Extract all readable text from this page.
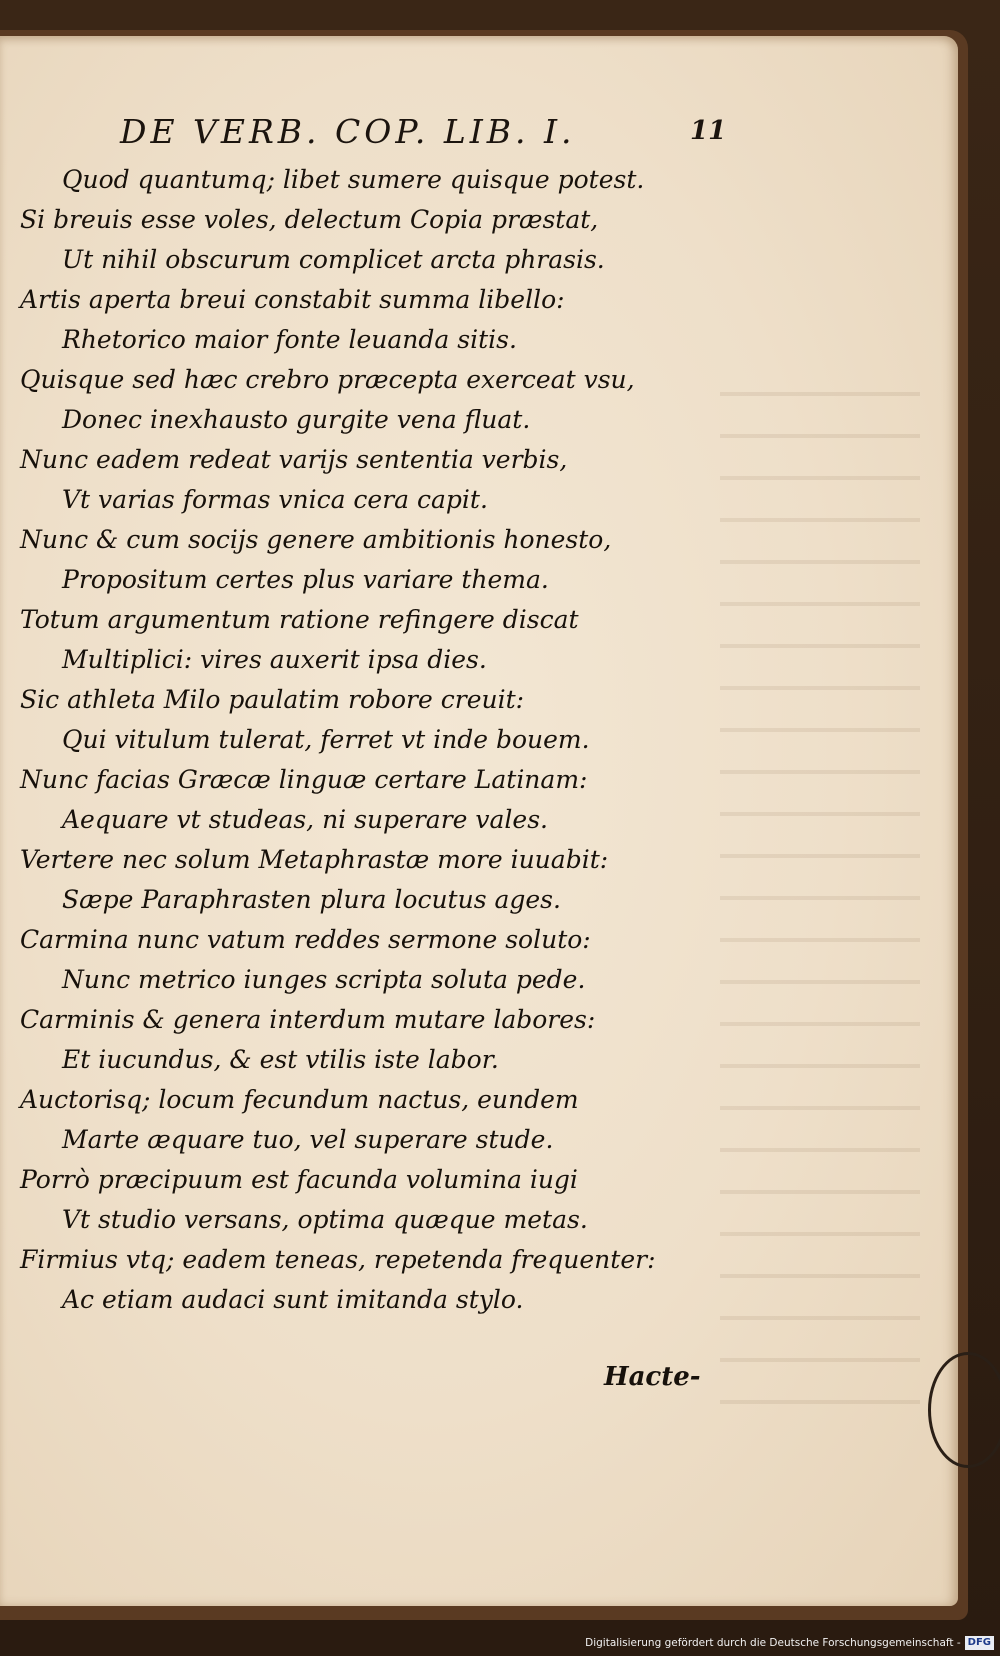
DE VERB. COP. LIB. I.	11
Quod quantumq; libet sumere quisque potest.
Si breuis esse voles, delectum Copia præstat,
Ut nihil obscurum complicet arcta phrasis.
Artis aperta breui constabit summa libello:
Rhetorico maior fonte leuanda sitis.
Quisque sed hæc crebro præcepta exerceat vsu,
Donec inexhausto gurgite vena fluat.
Nunc eadem redeat varijs sententia verbis,
Vt varias formas vnica cera capit.
Nunc & cum socijs genere ambitionis honesto,
Propositum certes plus variare thema.
Totum argumentum ratione refingere discat
Multiplici: vires auxerit ipsa dies.
Sic athleta Milo paulatim robore creuit:
Qui vitulum tulerat, ferret vt inde bouem.
Nunc facias Græcæ linguæ certare Latinam:
Aequare vt studeas, ni superare vales.
Vertere nec solum Metaphrastæ more iuuabit:
Sæpe Paraphrasten plura locutus ages.
Carmina nunc vatum reddes sermone soluto:
Nunc metrico iunges scripta soluta pede.
Carminis & genera interdum mutare labores:
Et iucundus, & est vtilis iste labor.
Auctorisq; locum fecundum nactus, eundem
Marte æquare tuo, vel superare stude.
Porrò præcipuum est facunda volumina iugi
Vt studio versans, optima quæque metas.
Firmius vtq; eadem teneas, repetenda frequenter:
Ac etiam audaci sunt imitanda stylo.
Hacte-
Digitalisierung gefördert durch die Deutsche Forschungsgemeinschaft - DFG
